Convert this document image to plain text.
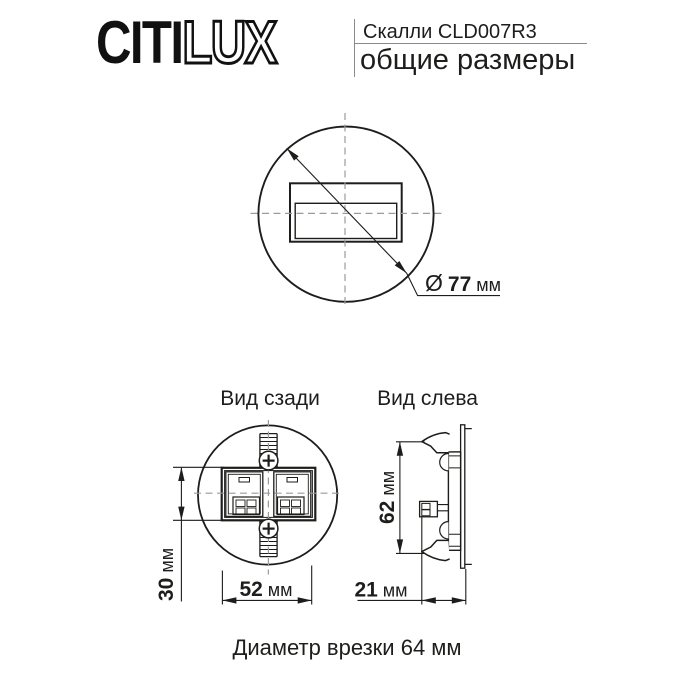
CITILUX	Скалли CLD007R3
общие размеры
Ø 77 мм
Вид сзади
30мм
52 мм
Вид слева
62мм
21 мм
Диаметр врезки 64 мм
